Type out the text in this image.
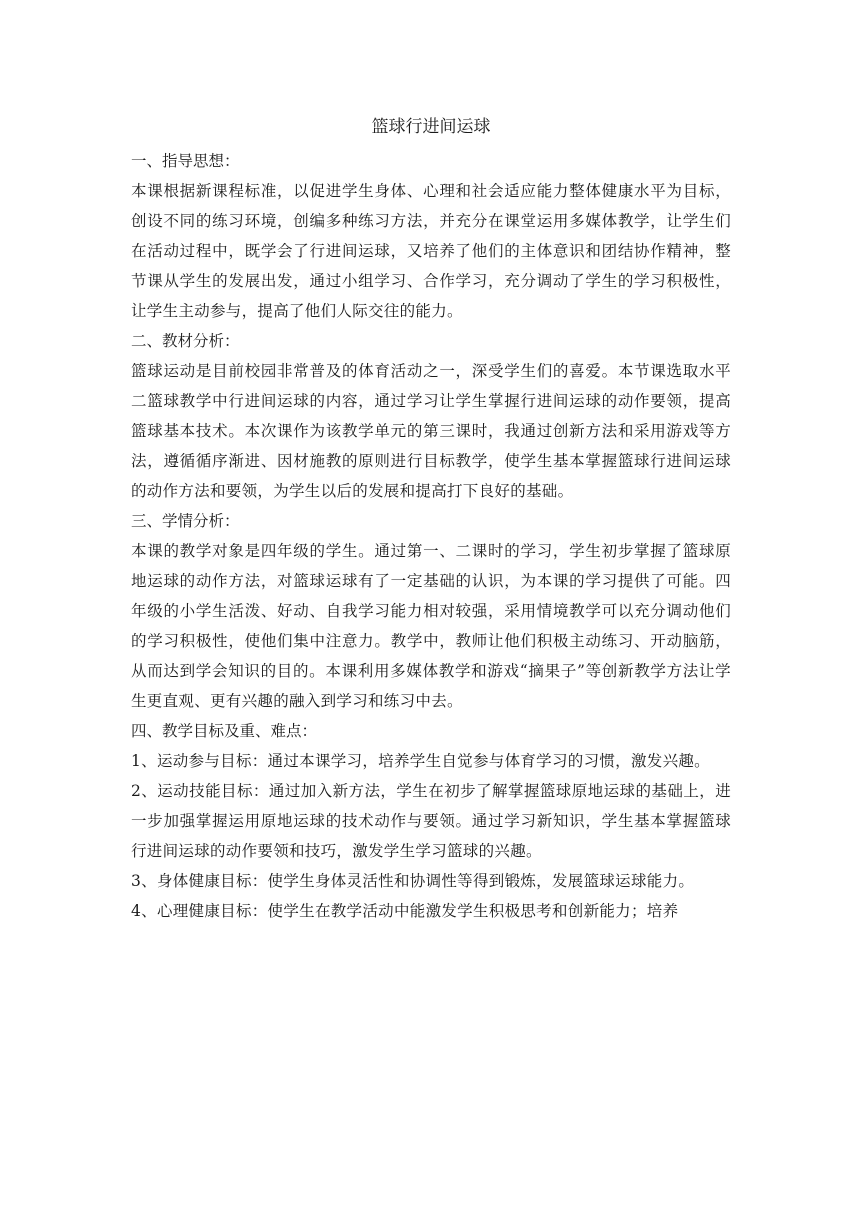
篮球行进间运球

一、指导思想：

本课根据新课程标准，以促进学生身体、心理和社会适应能力整体健康水平为目标，创设不同的练习环境，创编多种练习方法，并充分在课堂运用多媒体教学，让学生们在活动过程中，既学会了行进间运球，又培养了他们的主体意识和团结协作精神，整节课从学生的发展出发，通过小组学习、合作学习，充分调动了学生的学习积极性，让学生主动参与，提高了他们人际交往的能力。

二、教材分析：

篮球运动是目前校园非常普及的体育活动之一，深受学生们的喜爱。本节课选取水平二篮球教学中行进间运球的内容，通过学习让学生掌握行进间运球的动作要领，提高篮球基本技术。本次课作为该教学单元的第三课时，我通过创新方法和采用游戏等方法，遵循循序渐进、因材施教的原则进行目标教学，使学生基本掌握篮球行进间运球的动作方法和要领，为学生以后的发展和提高打下良好的基础。

三、学情分析：

本课的教学对象是四年级的学生。通过第一、二课时的学习，学生初步掌握了篮球原地运球的动作方法，对篮球运球有了一定基础的认识，为本课的学习提供了可能。四年级的小学生活泼、好动、自我学习能力相对较强，采用情境教学可以充分调动他们的学习积极性，使他们集中注意力。教学中，教师让他们积极主动练习、开动脑筋，从而达到学会知识的目的。本课利用多媒体教学和游戏“摘果子”等创新教学方法让学生更直观、更有兴趣的融入到学习和练习中去。

四、教学目标及重、难点：

1、运动参与目标：通过本课学习，培养学生自觉参与体育学习的习惯，激发兴趣。

2、运动技能目标：通过加入新方法，学生在初步了解掌握篮球原地运球的基础上，进一步加强掌握运用原地运球的技术动作与要领。通过学习新知识，学生基本掌握篮球行进间运球的动作要领和技巧，激发学生学习篮球的兴趣。

3、身体健康目标：使学生身体灵活性和协调性等得到锻炼，发展篮球运球能力。

4、心理健康目标：使学生在教学活动中能激发学生积极思考和创新能力；培养
